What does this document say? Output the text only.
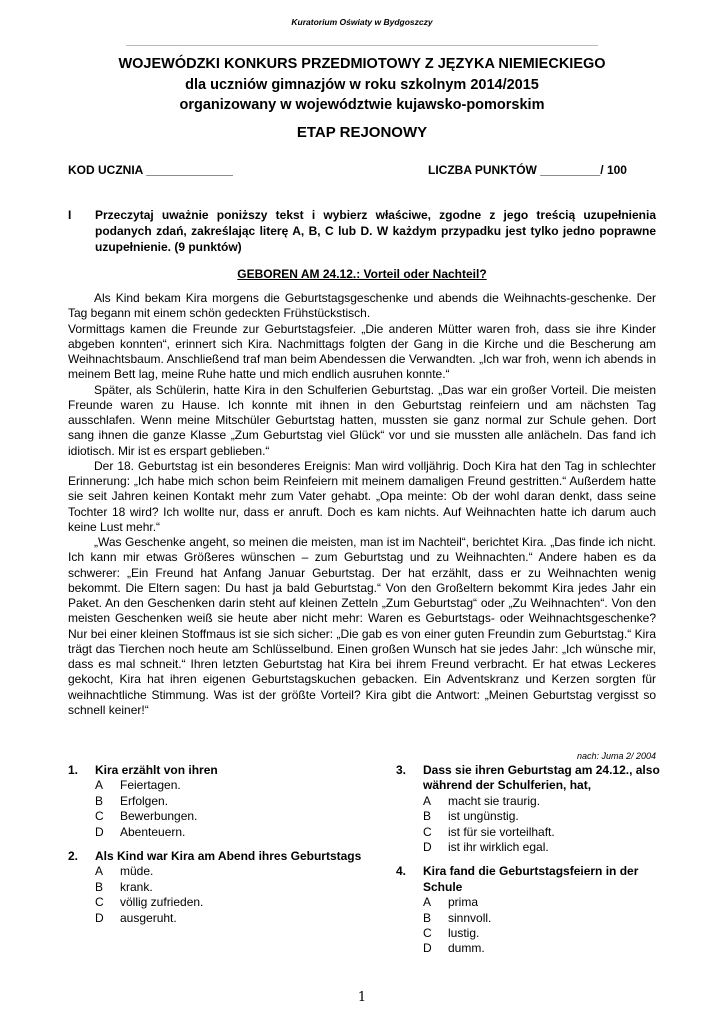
Kuratorium Oświaty w Bydgoszczy
WOJEWÓDZKI KONKURS PRZEDMIOTOWY Z JĘZYKA NIEMIECKIEGO
dla uczniów gimnazjów w roku szkolnym 2014/2015
organizowany w województwie kujawsko-pomorskim
ETAP REJONOWY
KOD UCZNIA _____________	LICZBA PUNKTÓW _________/ 100
I Przeczytaj uważnie poniższy tekst i wybierz właściwe, zgodne z jego treścią uzupełnienia podanych zdań, zakreślając literę A, B, C lub D. W każdym przypadku jest tylko jedno poprawne uzupełnienie. (9 punktów)
GEBOREN AM 24.12.: Vorteil oder Nachteil?

Als Kind bekam Kira morgens die Geburtstagsgeschenke und abends die Weihnachts-geschenke. Der Tag begann mit einem schön gedeckten Frühstückstisch.

Vormittags kamen die Freunde zur Geburtstagsfeier. „Die anderen Mütter waren froh, dass sie ihre Kinder abgeben konnten“, erinnert sich Kira. Nachmittags folgten der Gang in die Kirche und die Bescherung am Weihnachtsbaum. Anschließend traf man beim Abendessen die Verwandten. „Ich war froh, wenn ich abends in meinem Bett lag, meine Ruhe hatte und mich endlich ausruhen konnte.“

Später, als Schülerin, hatte Kira in den Schulferien Geburtstag. „Das war ein großer Vorteil. Die meisten Freunde waren zu Hause. Ich konnte mit ihnen in den Geburtstag reinfeiern und am nächsten Tag ausschlafen. Wenn meine Mitschüler Geburtstag hatten, mussten sie ganz normal zur Schule gehen. Dort sang ihnen die ganze Klasse „Zum Geburtstag viel Glück“ vor und sie mussten alle anlächeln. Das fand ich idiotisch. Mir ist es erspart geblieben.“

Der 18. Geburtstag ist ein besonderes Ereignis: Man wird volljährig. Doch Kira hat den Tag in schlechter Erinnerung: „Ich habe mich schon beim Reinfeiern mit meinem damaligen Freund gestritten.“ Außerdem hatte sie seit Jahren keinen Kontakt mehr zum Vater gehabt. „Opa meinte: Ob der wohl daran denkt, dass seine Tochter 18 wird? Ich wollte nur, dass er anruft. Doch es kam nichts. Auf Weihnachten hatte ich darum auch keine Lust mehr.“

„Was Geschenke angeht, so meinen die meisten, man ist im Nachteil“, berichtet Kira. „Das finde ich nicht. Ich kann mir etwas Größeres wünschen – zum Geburtstag und zu Weihnachten.“ Andere haben es da schwerer: „Ein Freund hat Anfang Januar Geburtstag. Der hat erzählt, dass er zu Weihnachten wenig bekommt. Die Eltern sagen: Du hast ja bald Geburtstag.“ Von den Großeltern bekommt Kira jedes Jahr ein Paket. An den Geschenken darin steht auf kleinen Zetteln „Zum Geburtstag“ oder „Zu Weihnachten“. Von den meisten Geschenken weiß sie heute aber nicht mehr: Waren es Geburtstags- oder Weihnachtsgeschenke? Nur bei einer kleinen Stoffmaus ist sie sich sicher: „Die gab es von einer guten Freundin zum Geburtstag.“ Kira trägt das Tierchen noch heute am Schlüsselbund. Einen großen Wunsch hat sie jedes Jahr: „Ich wünsche mir, dass es mal schneit.“ Ihren letzten Geburtstag hat Kira bei ihrem Freund verbracht. Er hat etwas Leckeres gekocht, Kira hat ihren eigenen Geburtstagskuchen gebacken. Ein Adventskranz und Kerzen sorgten für weihnachtliche Stimmung. Was ist der größte Vorteil? Kira gibt die Antwort: „Meinen Geburtstag vergisst so schnell keiner!“

nach: Juma 2/ 2004
1. Kira erzählt von ihren
A Feiertagen.
B Erfolgen.
C Bewerbungen.
D Abenteuern.
2. Als Kind war Kira am Abend ihres Geburtstags
A müde.
B krank.
C völlig zufrieden.
D ausgeruht.
3. Dass sie ihren Geburtstag am 24.12., also während der Schulferien, hat,
A macht sie traurig.
B ist ungünstig.
C ist für sie vorteilhaft.
D ist ihr wirklich egal.
4. Kira fand die Geburtstagsfeiern in der Schule
A prima
B sinnvoll.
C lustig.
D dumm.
1
